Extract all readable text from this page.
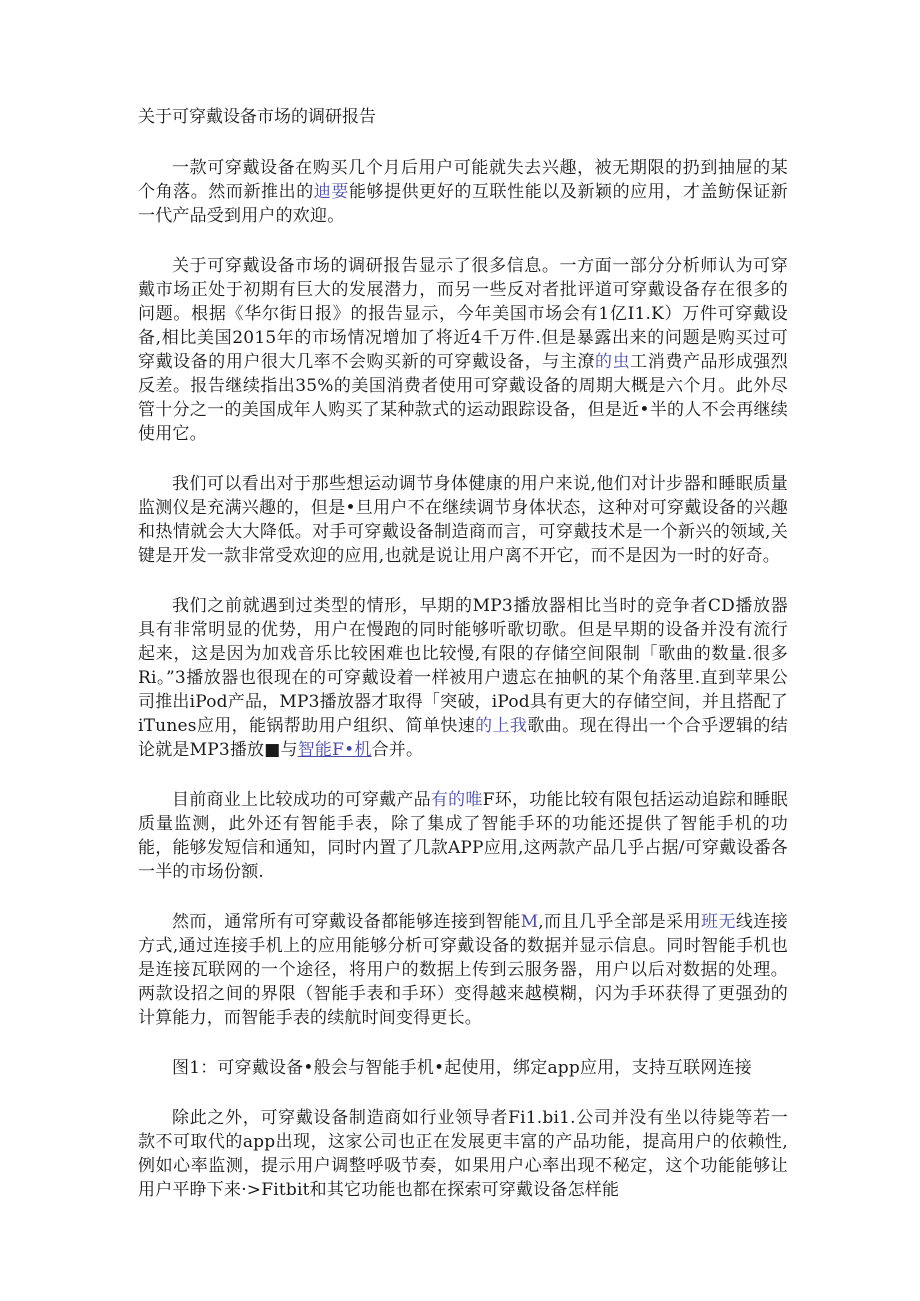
关于可穿戴设备市场的调研报告

一款可穿戴设备在购买几个月后用户可能就失去兴趣，被无期限的扔到抽屉的某个角落。然而新推出的迪要能够提供更好的互联性能以及新颖的应用，才盖鲂保证新一代产品受到用户的欢迎。

关于可穿戴设备市场的调研报告显示了很多信息。一方面一部分分析师认为可穿戴市场正处于初期有巨大的发展潜力，而另一些反对者批评道可穿戴设备存在很多的问题。根据《华尔街日报》的报告显示，今年美国市场会有1亿I1.K）万件可穿戴设备,相比美国2015年的市场情况增加了将近4千万件.但是暴露出来的问题是购买过可穿戴设备的用户很大几率不会购买新的可穿戴设备，与主潦的虫工消费产品形成强烈反差。报告继续指出35%的美国消费者使用可穿戴设备的周期大概是六个月。此外尽管十分之一的美国成年人购买了某种款式的运动跟踪设备，但是近•半的人不会再继续使用它。

我们可以看出对于那些想运动调节身体健康的用户来说,他们对计步器和睡眠质量监测仪是充满兴趣的，但是•旦用户不在继续调节身体状态，这种对可穿戴设备的兴趣和热情就会大大降低。对手可穿戴设备制造商而言，可穿戴技术是一个新兴的领域,关键是开发一款非常受欢迎的应用,也就是说让用户离不开它，而不是因为一时的好奇。

我们之前就遇到过类型的情形，早期的MP3播放器相比当时的竞争者CD播放器具有非常明显的优势，用户在慢跑的同时能够听歌切歌。但是早期的设备并没有流行起来，这是因为加戏音乐比较困难也比较慢,有限的存储空间限制「歌曲的数量.很多Ri。”3播放器也很现在的可穿戴设着一样被用户遗忘在抽帆的某个角落里.直到苹果公司推出iPod产品，MP3播放器才取得「突破，iPod具有更大的存储空间，并且搭配了iTunes应用，能锅帮助用户组织、简单快速的上我歌曲。现在得出一个合乎逻辑的结论就是MP3播放■与智能F•机合并。

目前商业上比较成功的可穿戴产品有的唯F环，功能比较有限包括运动追踪和睡眠质量监测，此外还有智能手表，除了集成了智能手环的功能还提供了智能手机的功能，能够发短信和通知，同时内置了几款APP应用,这两款产品几乎占据/可穿戴设番各一半的市场份额.

然而，通常所有可穿戴设备都能够连接到智能M,而且几乎全部是采用班无线连接方式,通过连接手机上的应用能够分析可穿戴设备的数据并显示信息。同时智能手机也是连接瓦联网的一个途径，将用户的数据上传到云服务器，用户以后对数据的处理。两款设招之间的界限（智能手表和手环）变得越来越模糊，闪为手环获得了更强劲的计算能力，而智能手表的续航时间变得更长。

图1：可穿戴设备•般会与智能手机•起使用，绑定app应用，支持互联网连接

除此之外，可穿戴设备制造商如行业领导者Fi1.bi1.公司并没有坐以待毙等若一款不可取代的app出现，这家公司也正在发展更丰富的产品功能，提高用户的依赖性,例如心率监测，提示用户调整呼吸节奏，如果用户心率出现不秘定，这个功能能够让用户平睁下来·>Fitbit和其它功能也都在探索可穿戴设备怎样能
